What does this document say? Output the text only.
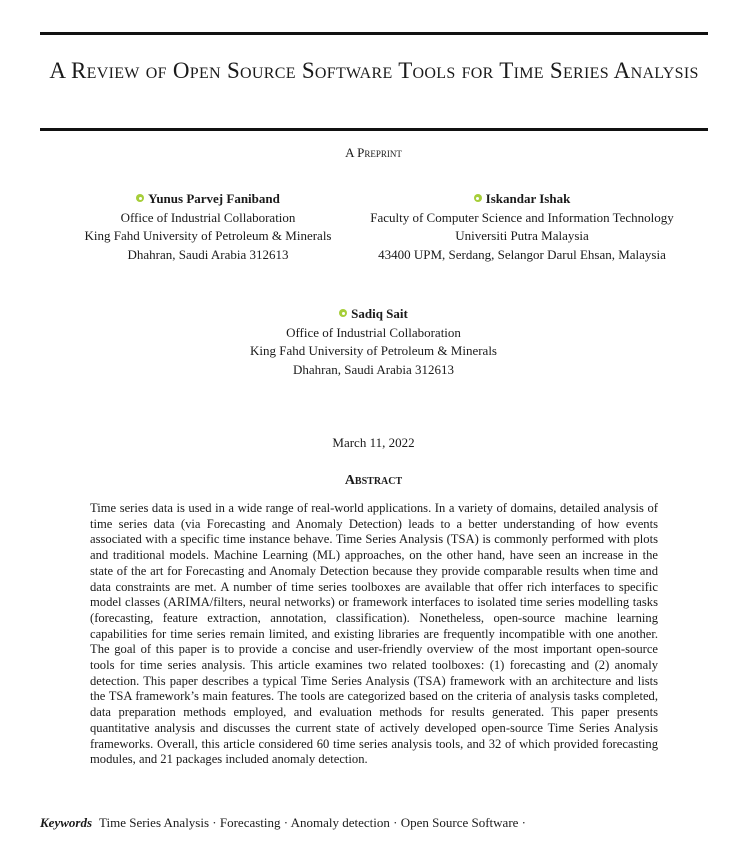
A Review of Open Source Software Tools for Time Series Analysis
A Preprint
Yunus Parvej Faniband
Office of Industrial Collaboration
King Fahd University of Petroleum & Minerals
Dhahran, Saudi Arabia 312613
Iskandar Ishak
Faculty of Computer Science and Information Technology
Universiti Putra Malaysia
43400 UPM, Serdang, Selangor Darul Ehsan, Malaysia
Sadiq Sait
Office of Industrial Collaboration
King Fahd University of Petroleum & Minerals
Dhahran, Saudi Arabia 312613
March 11, 2022
Abstract

Time series data is used in a wide range of real-world applications. In a variety of domains, detailed analysis of time series data (via Forecasting and Anomaly Detection) leads to a better understanding of how events associated with a specific time instance behave. Time Series Analysis (TSA) is commonly performed with plots and traditional models. Machine Learning (ML) approaches, on the other hand, have seen an increase in the state of the art for Forecasting and Anomaly Detection because they provide comparable results when time and data constraints are met. A number of time series toolboxes are available that offer rich interfaces to specific model classes (ARIMA/filters, neural networks) or framework interfaces to isolated time series modelling tasks (forecasting, feature extraction, annotation, classification). Nonetheless, open-source machine learning capabilities for time series remain limited, and existing libraries are frequently incompatible with one another. The goal of this paper is to provide a concise and user-friendly overview of the most important open-source tools for time series analysis. This article examines two related toolboxes: (1) forecasting and (2) anomaly detection. This paper describes a typical Time Series Analysis (TSA) framework with an architecture and lists the TSA framework’s main features. The tools are categorized based on the criteria of analysis tasks completed, data preparation methods employed, and evaluation methods for results generated. This paper presents quantitative analysis and discusses the current state of actively developed open-source Time Series Analysis frameworks. Overall, this article considered 60 time series analysis tools, and 32 of which provided forecasting modules, and 21 packages included anomaly detection.

Keywords Time Series Analysis · Forecasting · Anomaly detection · Open Source Software ·
